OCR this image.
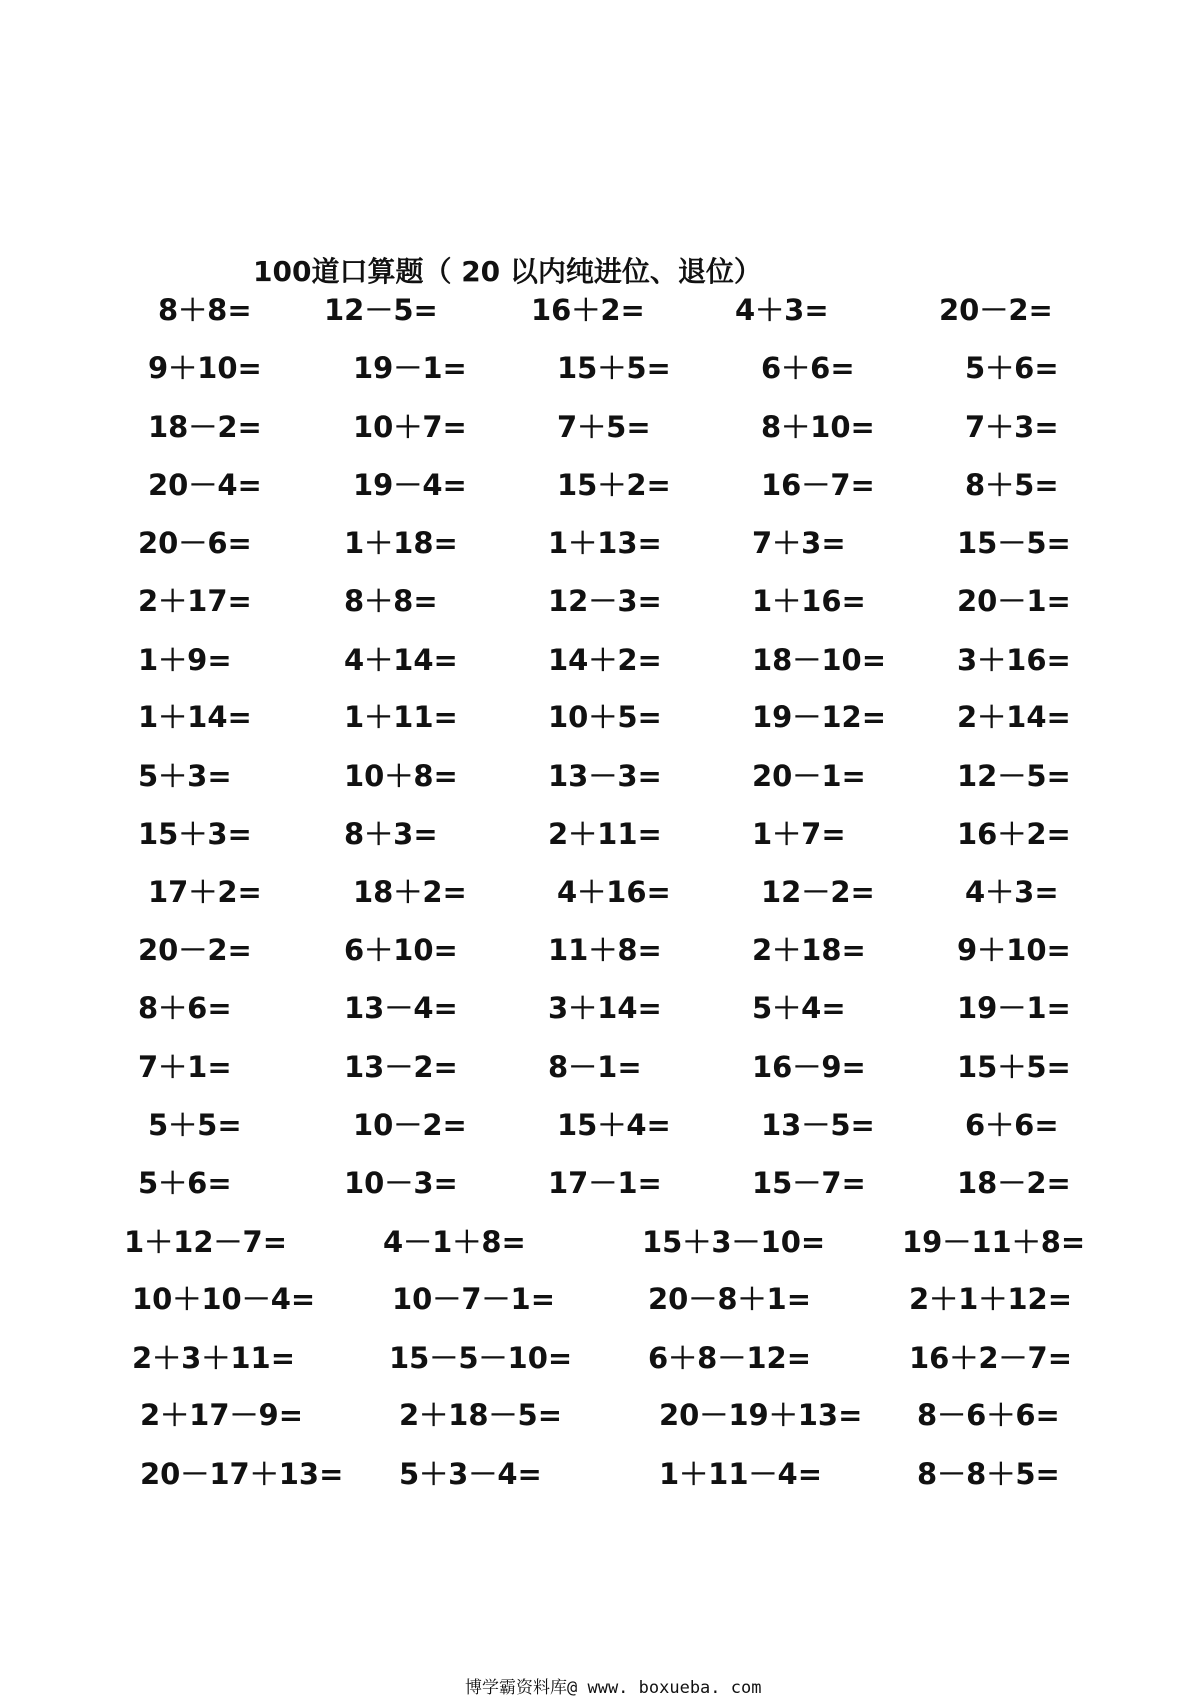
100道口算题（ 20 以内纯进位、退位）
8＋8= 12－5=	16＋2=	4＋3=	20－2=
9＋10=	19－1=	15＋5=	6＋6=	5＋6=
18－2=	10＋7=	7＋5=	8＋10=	7＋3=
20－4=	19－4=	15＋2=	16－7=	8＋5=
20－6=	1＋18=	1＋13=	7＋3=	15－5=
2＋17=	8＋8=	12－3=	1＋16=	20－1=
1＋9=	4＋14=	14＋2=	18－10= 3＋16=
1＋14=	1＋11=	10＋5=	19－12= 2＋14=
5＋3=	10＋8=	13－3=	20－1=	12－5=
15＋3=	8＋3=	2＋11=	1＋7=	16＋2=
17＋2=	18＋2=	4＋16=	12－2=	4＋3=
20－2=	6＋10=	11＋8=	2＋18=	9＋10=
8＋6=	13－4=	3＋14=	5＋4=	19－1=
7＋1=	13－2=	8－1=	16－9=	15＋5=
5＋5=	10－2=	15＋4=	13－5=	6＋6=
5＋6=	10－3=	17－1=	15－7=	18－2=
1＋12－7=	4－1＋8=	15＋3－10=	19－11＋8=
10＋10－4=	10－7－1=	20－8＋1=	2＋1＋12=
2＋3＋11=	15－5－10=	6＋8－12=	16＋2－7=
2＋17－9=	2＋18－5=	20－19＋13= 8－6＋6=
20－17＋13= 5＋3－4=	1＋11－4=	8－8＋5=
博学霸资料库@ www. boxueba. com
